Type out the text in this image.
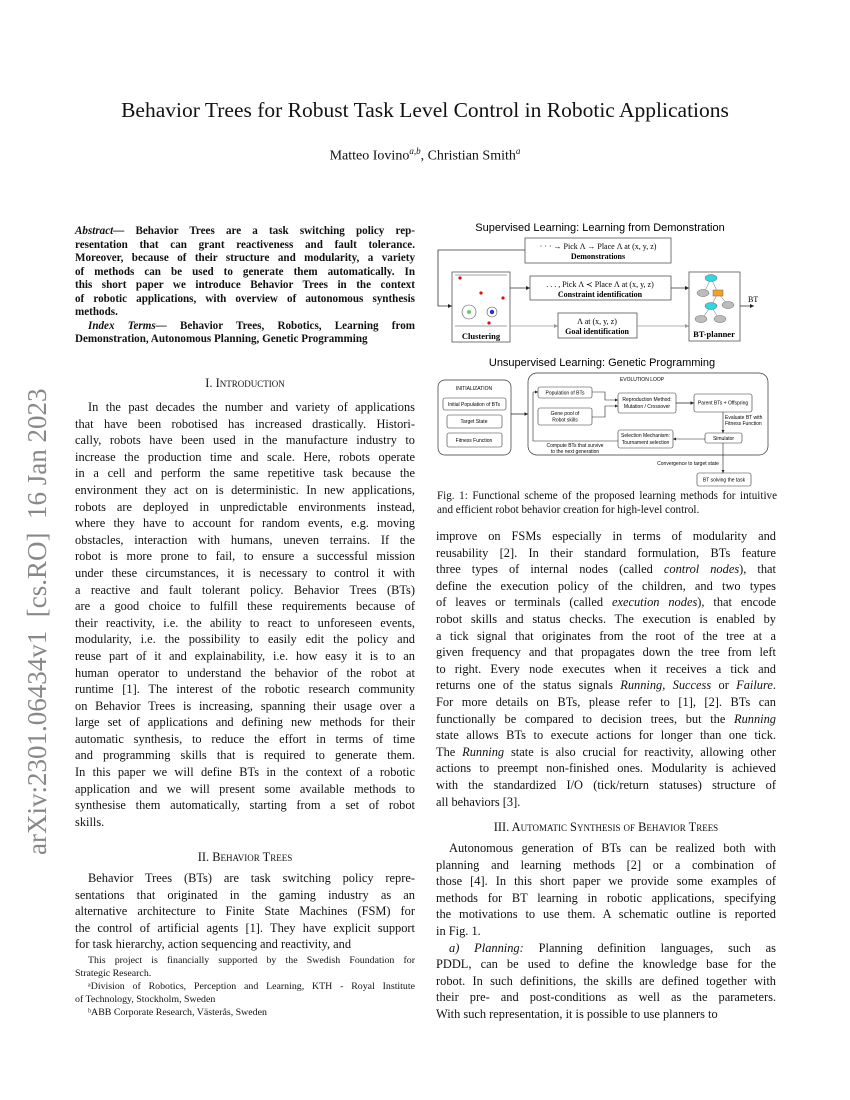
arXiv:2301.06434v1  [cs.RO]  16 Jan 2023
Behavior Trees for Robust Task Level Control in Robotic Applications
Matteo Iovino$^{a,b}$, Christian Smith$^a$
Abstract— Behavior Trees are a task switching policy rep-
resentation that can grant reactiveness and fault tolerance.
Moreover, because of their structure and modularity, a variety
of methods can be used to generate them automatically. In
this short paper we introduce Behavior Trees in the context
of robotic applications, with overview of autonomous synthesis
methods.
Index Terms— Behavior Trees, Robotics, Learning from
Demonstration, Autonomous Planning, Genetic Programming
I. Introduction
In the past decades the number and variety of applications
that have been robotised has increased drastically. Histori-
cally, robots have been used in the manufacture industry to
increase the production time and scale. Here, robots operate
in a cell and perform the same repetitive task because the
environment they act on is deterministic. In new applications,
robots are deployed in unpredictable environments instead,
where they have to account for random events, e.g. moving
obstacles, interaction with humans, uneven terrains. If the
robot is more prone to fail, to ensure a successful mission
under these circumstances, it is necessary to control it with
a reactive and fault tolerant policy. Behavior Trees (BTs)
are a good choice to fulfill these requirements because of
their reactivity, i.e. the ability to react to unforeseen events,
modularity, i.e. the possibility to easily edit the policy and
reuse part of it and explainability, i.e. how easy it is to an
human operator to understand the behavior of the robot at
runtime [1]. The interest of the robotic research community
on Behavior Trees is increasing, spanning their usage over a
large set of applications and defining new methods for their
automatic synthesis, to reduce the effort in terms of time
and programming skills that is required to generate them.
In this paper we will define BTs in the context of a robotic
application and we will present some available methods to
synthesise them automatically, starting from a set of robot
skills.
II. Behavior Trees
Behavior Trees (BTs) are task switching policy repre-
sentations that originated in the gaming industry as an
alternative architecture to Finite State Machines (FSM) for
the control of artificial agents [1]. They have explicit support
for task hierarchy, action sequencing and reactivity, and
This project is financially supported by the Swedish Foundation for
Strategic Research.
ᵃDivision of Robotics, Perception and Learning, KTH - Royal Institute
of Technology, Stockholm, Sweden
ᵇABB Corporate Research, Västerås, Sweden
Supervised Learning: Learning from Demonstration
· · · → Pick Λ → Place Λ at (x, y, z)
Demonstrations
Clustering
. . . , Pick Λ ≺ Place Λ at (x, y, z)
Constraint identification
Λ at (x, y, z)
Goal identification	BT-planner
BT
Unsupervised Learning: Genetic Programming
INITIALIZATION
Initial Population of BTs
Target State
Fitness Function
EVOLUTION LOOP
Population of BTs
Gene pool of
Robot skills
Reproduction Method:
Mutation / Crossover
Parent BTs + Offspring
Evaluate BT with
Fitness Function
Simulator
Selection Mechanism:
Tournament selection
Compute BTs that survive
to the next generation
Convergence to target state
BT solving the task
Fig. 1: Functional scheme of the proposed learning methods for intuitive
and efficient robot behavior creation for high-level control.
improve on FSMs especially in terms of modularity and
reusability [2]. In their standard formulation, BTs feature
three types of internal nodes (called control nodes), that
define the execution policy of the children, and two types
of leaves or terminals (called execution nodes), that encode
robot skills and status checks. The execution is enabled by
a tick signal that originates from the root of the tree at a
given frequency and that propagates down the tree from left
to right. Every node executes when it receives a tick and
returns one of the status signals Running, Success or Failure.
For more details on BTs, please refer to [1], [2]. BTs can
functionally be compared to decision trees, but the Running
state allows BTs to execute actions for longer than one tick.
The Running state is also crucial for reactivity, allowing other
actions to preempt non-finished ones. Modularity is achieved
with the standardized I/O (tick/return statuses) structure of
all behaviors [3].
III. Automatic Synthesis of Behavior Trees
Autonomous generation of BTs can be realized both with
planning and learning methods [2] or a combination of
those [4]. In this short paper we provide some examples of
methods for BT learning in robotic applications, specifying
the motivations to use them. A schematic outline is reported
in Fig. 1.
a) Planning: Planning definition languages, such as
PDDL, can be used to define the knowledge base for the
robot. In such definitions, the skills are defined together with
their pre- and post-conditions as well as the parameters.
With such representation, it is possible to use planners to
